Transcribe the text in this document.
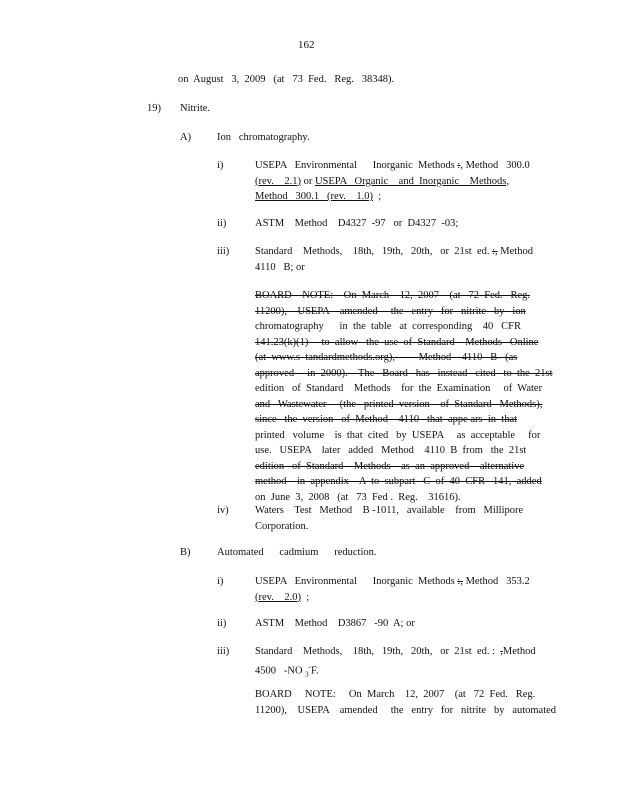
162
on  August   3,  2009   (at   73  Fed.   Reg.   38348).
19) Nitrite.
A) Ion   chromatography.
i)	USEPA   Environmental      Inorganic  Methods :, Method   300.0
(rev.    2.1) or USEPA   Organic    and  Inorganic    Methods,
Method   300.1   (rev.    1.0)  ;
ii)	ASTM    Method    D4327  -97   or  D4327  -03;
iii) Standard    Methods,    18th,   19th,   20th,   or  21st  ed. :, Method
4110   B; or
BOARD    NOTE:    On  March    12,  2007    (at   72  Fed.   Reg.
11200),    USEPA    amended     the   entry   for   nitrite   by   ion
chromatography      in  the  table   at  corresponding    40   CFR
141.23(k)(1)     to  allow   the  use  of  Standard    Methods   Online
(at  www.s  tandardmethods.org),         Method    4110   B   (as
approved     in  2000).    The   Board   has   instead   cited   to  the  21st
edition   of  Standard    Methods    for  the  Examination     of  Water
and   Wastewater     (the   printed  version    of  Standard   Methods),
since   the  version   of  Method    4110   that  appe ars  in  that
printed   volume    is  that  cited   by  USEPA     as  acceptable     for
use.   USEPA    later   added   Method    4110  B  from   the  21st
edition   of  Standard    Methods    as  an  approved    alternative
method    in  appendix    A  to  subpart   C  of  40  CFR   141,  added
on  June  3,  2008   (at   73  Fed .  Reg.    31616).
iv)	Waters    Test   Method    B -1011,   available    from   Millipore
Corporation.
B)	Automated      cadmium      reduction.
i)	USEPA   Environmental      Inorganic  Methods :, Method   353.2
(rev.    2.0)  ;
ii)	ASTM    Method    D3867   -90  A; or
iii) Standard    Methods,    18th,   19th,   20th,   or  21st  ed. :  ,Method
4500   -NO $_3$-F.
BOARD     NOTE:     On  March    12,  2007    (at   72  Fed.   Reg.
11200),    USEPA    amended     the   entry   for   nitrite   by   automated
